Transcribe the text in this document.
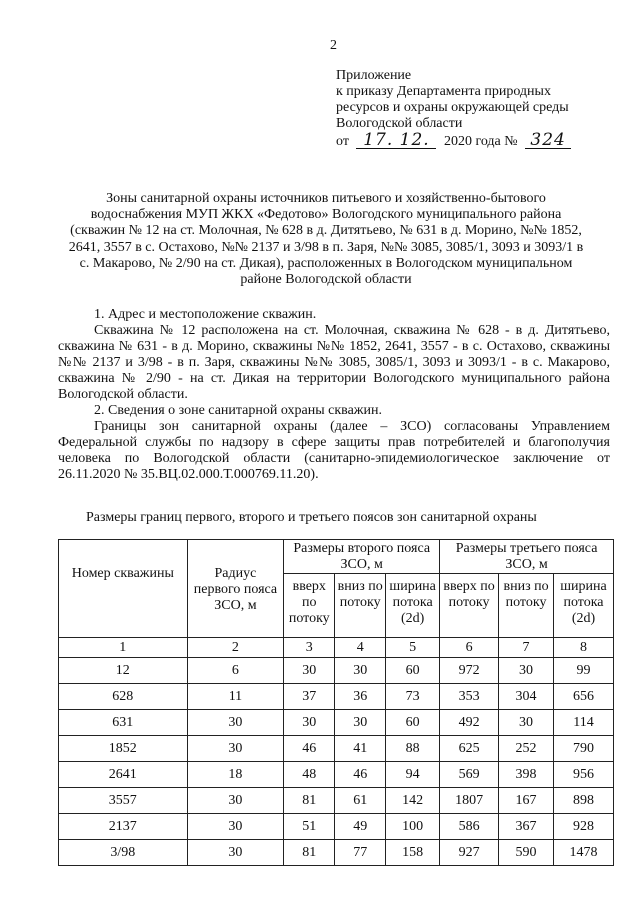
2
Приложение
к приказу Департамента природных
ресурсов и охраны окружающей среды
Вологодской области
от 17. 12. 2020 года № 324
Зоны санитарной охраны источников питьевого и хозяйственно-бытового водоснабжения МУП ЖКХ «Федотово» Вологодского муниципального района (скважин № 12 на ст. Молочная, № 628 в д. Дитятьево, № 631 в д. Морино, №№ 1852, 2641, 3557 в с. Остахово, №№ 2137 и 3/98 в п. Заря, №№ 3085, 3085/1, 3093 и 3093/1 в с. Макарово, № 2/90 на ст. Дикая), расположенных в Вологодском муниципальном районе Вологодской области

1. Адрес и местоположение скважин.

Скважина № 12 расположена на ст. Молочная, скважина № 628 - в д. Дитятьево, скважина № 631 - в д. Морино, скважины №№ 1852, 2641, 3557 - в с. Остахово, скважины №№ 2137 и 3/98 - в п. Заря, скважины №№ 3085, 3085/1, 3093 и 3093/1 - в с. Макарово, скважина № 2/90 - на ст. Дикая на территории Вологодского муниципального района Вологодской области.

2. Сведения о зоне санитарной охраны скважин.

Границы зон санитарной охраны (далее – ЗСО) согласованы Управлением Федеральной службы по надзору в сфере защиты прав потребителей и благополучия человека по Вологодской области (санитарно-эпидемиологическое заключение от 26.11.2020 № 35.ВЦ.02.000.Т.000769.11.20).

Размеры границ первого, второго и третьего поясов зон санитарной охраны
Номер скважины	Радиус первого пояса ЗСО, м	Размеры второго пояса ЗСО, м			Размеры третьего пояса ЗСО, м		
		вверх по потоку	вниз по потоку	ширина потока (2d)	вверх по потоку	вниз по потоку	ширина потока (2d)
1	2	3	4	5	6	7	8
12	6	30	30	60	972	30	99
628	11	37	36	73	353	304	656
631	30	30	30	60	492	30	114
1852	30	46	41	88	625	252	790
2641	18	48	46	94	569	398	956
3557	30	81	61	142	1807	167	898
2137	30	51	49	100	586	367	928
3/98	30	81	77	158	927	590	1478
